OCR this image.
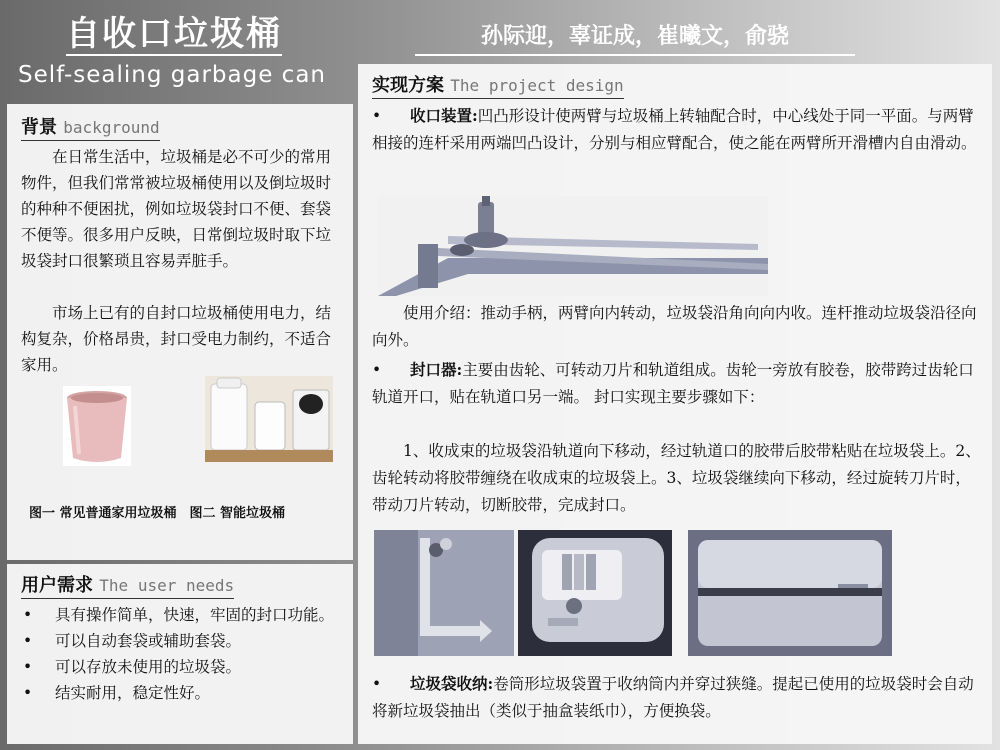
自收口垃圾桶
Self-sealing garbage can
孙际迎，辜证成，崔曦文，俞骁
背景 background
在日常生活中，垃圾桶是必不可少的常用物件，但我们常常被垃圾桶使用以及倒垃圾时的种种不便困扰，例如垃圾袋封口不便、套袋不便等。很多用户反映，日常倒垃圾时取下垃圾袋封口很繁琐且容易弄脏手。
市场上已有的自封口垃圾桶使用电力，结构复杂，价格昂贵，封口受电力制约，不适合家用。
图一 常见普通家用垃圾桶　图二 智能垃圾桶
用户需求 The user needs
• 具有操作简单，快速，牢固的封口功能。
• 可以自动套袋或辅助套袋。
• 可以存放未使用的垃圾袋。
• 结实耐用，稳定性好。
实现方案 The project design
• 收口装置:凹凸形设计使两臂与垃圾桶上转轴配合时，中心线处于同一平面。与两臂相接的连杆采用两端凹凸设计，分别与相应臂配合，使之能在两臂所开滑槽内自由滑动。
使用介绍：推动手柄，两臂向内转动，垃圾袋沿角向向内收。连杆推动垃圾袋沿径向向外。
• 封口器:主要由齿轮、可转动刀片和轨道组成。齿轮一旁放有胶卷，胶带跨过齿轮口轨道开口，贴在轨道口另一端。 封口实现主要步骤如下：
1、收成束的垃圾袋沿轨道向下移动，经过轨道口的胶带后胶带粘贴在垃圾袋上。2、齿轮转动将胶带缠绕在收成束的垃圾袋上。3、垃圾袋继续向下移动，经过旋转刀片时，带动刀片转动，切断胶带，完成封口。
• 垃圾袋收纳:卷筒形垃圾袋置于收纳筒内并穿过狭缝。提起已使用的垃圾袋时会自动将新垃圾袋抽出（类似于抽盒装纸巾），方便换袋。
